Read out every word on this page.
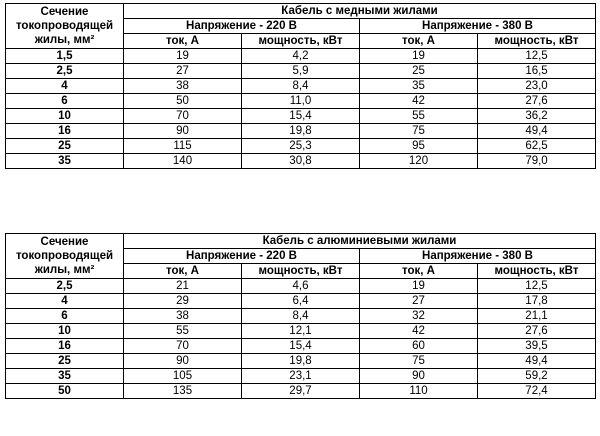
Сечение
токопроводящей
жилы, мм²	Кабель с медными жилами			
	Напряжение - 220 В		Напряжение - 380 В	
	ток, А	мощность, кВт	ток, А	мощность, кВт
1,5	19	4,2	19	12,5
2,5	27	5,9	25	16,5
4	38	8,4	35	23,0
6	50	11,0	42	27,6
10	70	15,4	55	36,2
16	90	19,8	75	49,4
25	115	25,3	95	62,5
35	140	30,8	120	79,0
Сечение
токопроводящей
жилы, мм²	Кабель с алюминиевыми жилами			
	Напряжение - 220 В		Напряжение - 380 В	
	ток, А	мощность, кВт	ток, А	мощность, кВт
2,5	21	4,6	19	12,5
4	29	6,4	27	17,8
6	38	8,4	32	21,1
10	55	12,1	42	27,6
16	70	15,4	60	39,5
25	90	19,8	75	49,4
35	105	23,1	90	59,2
50	135	29,7	110	72,4
